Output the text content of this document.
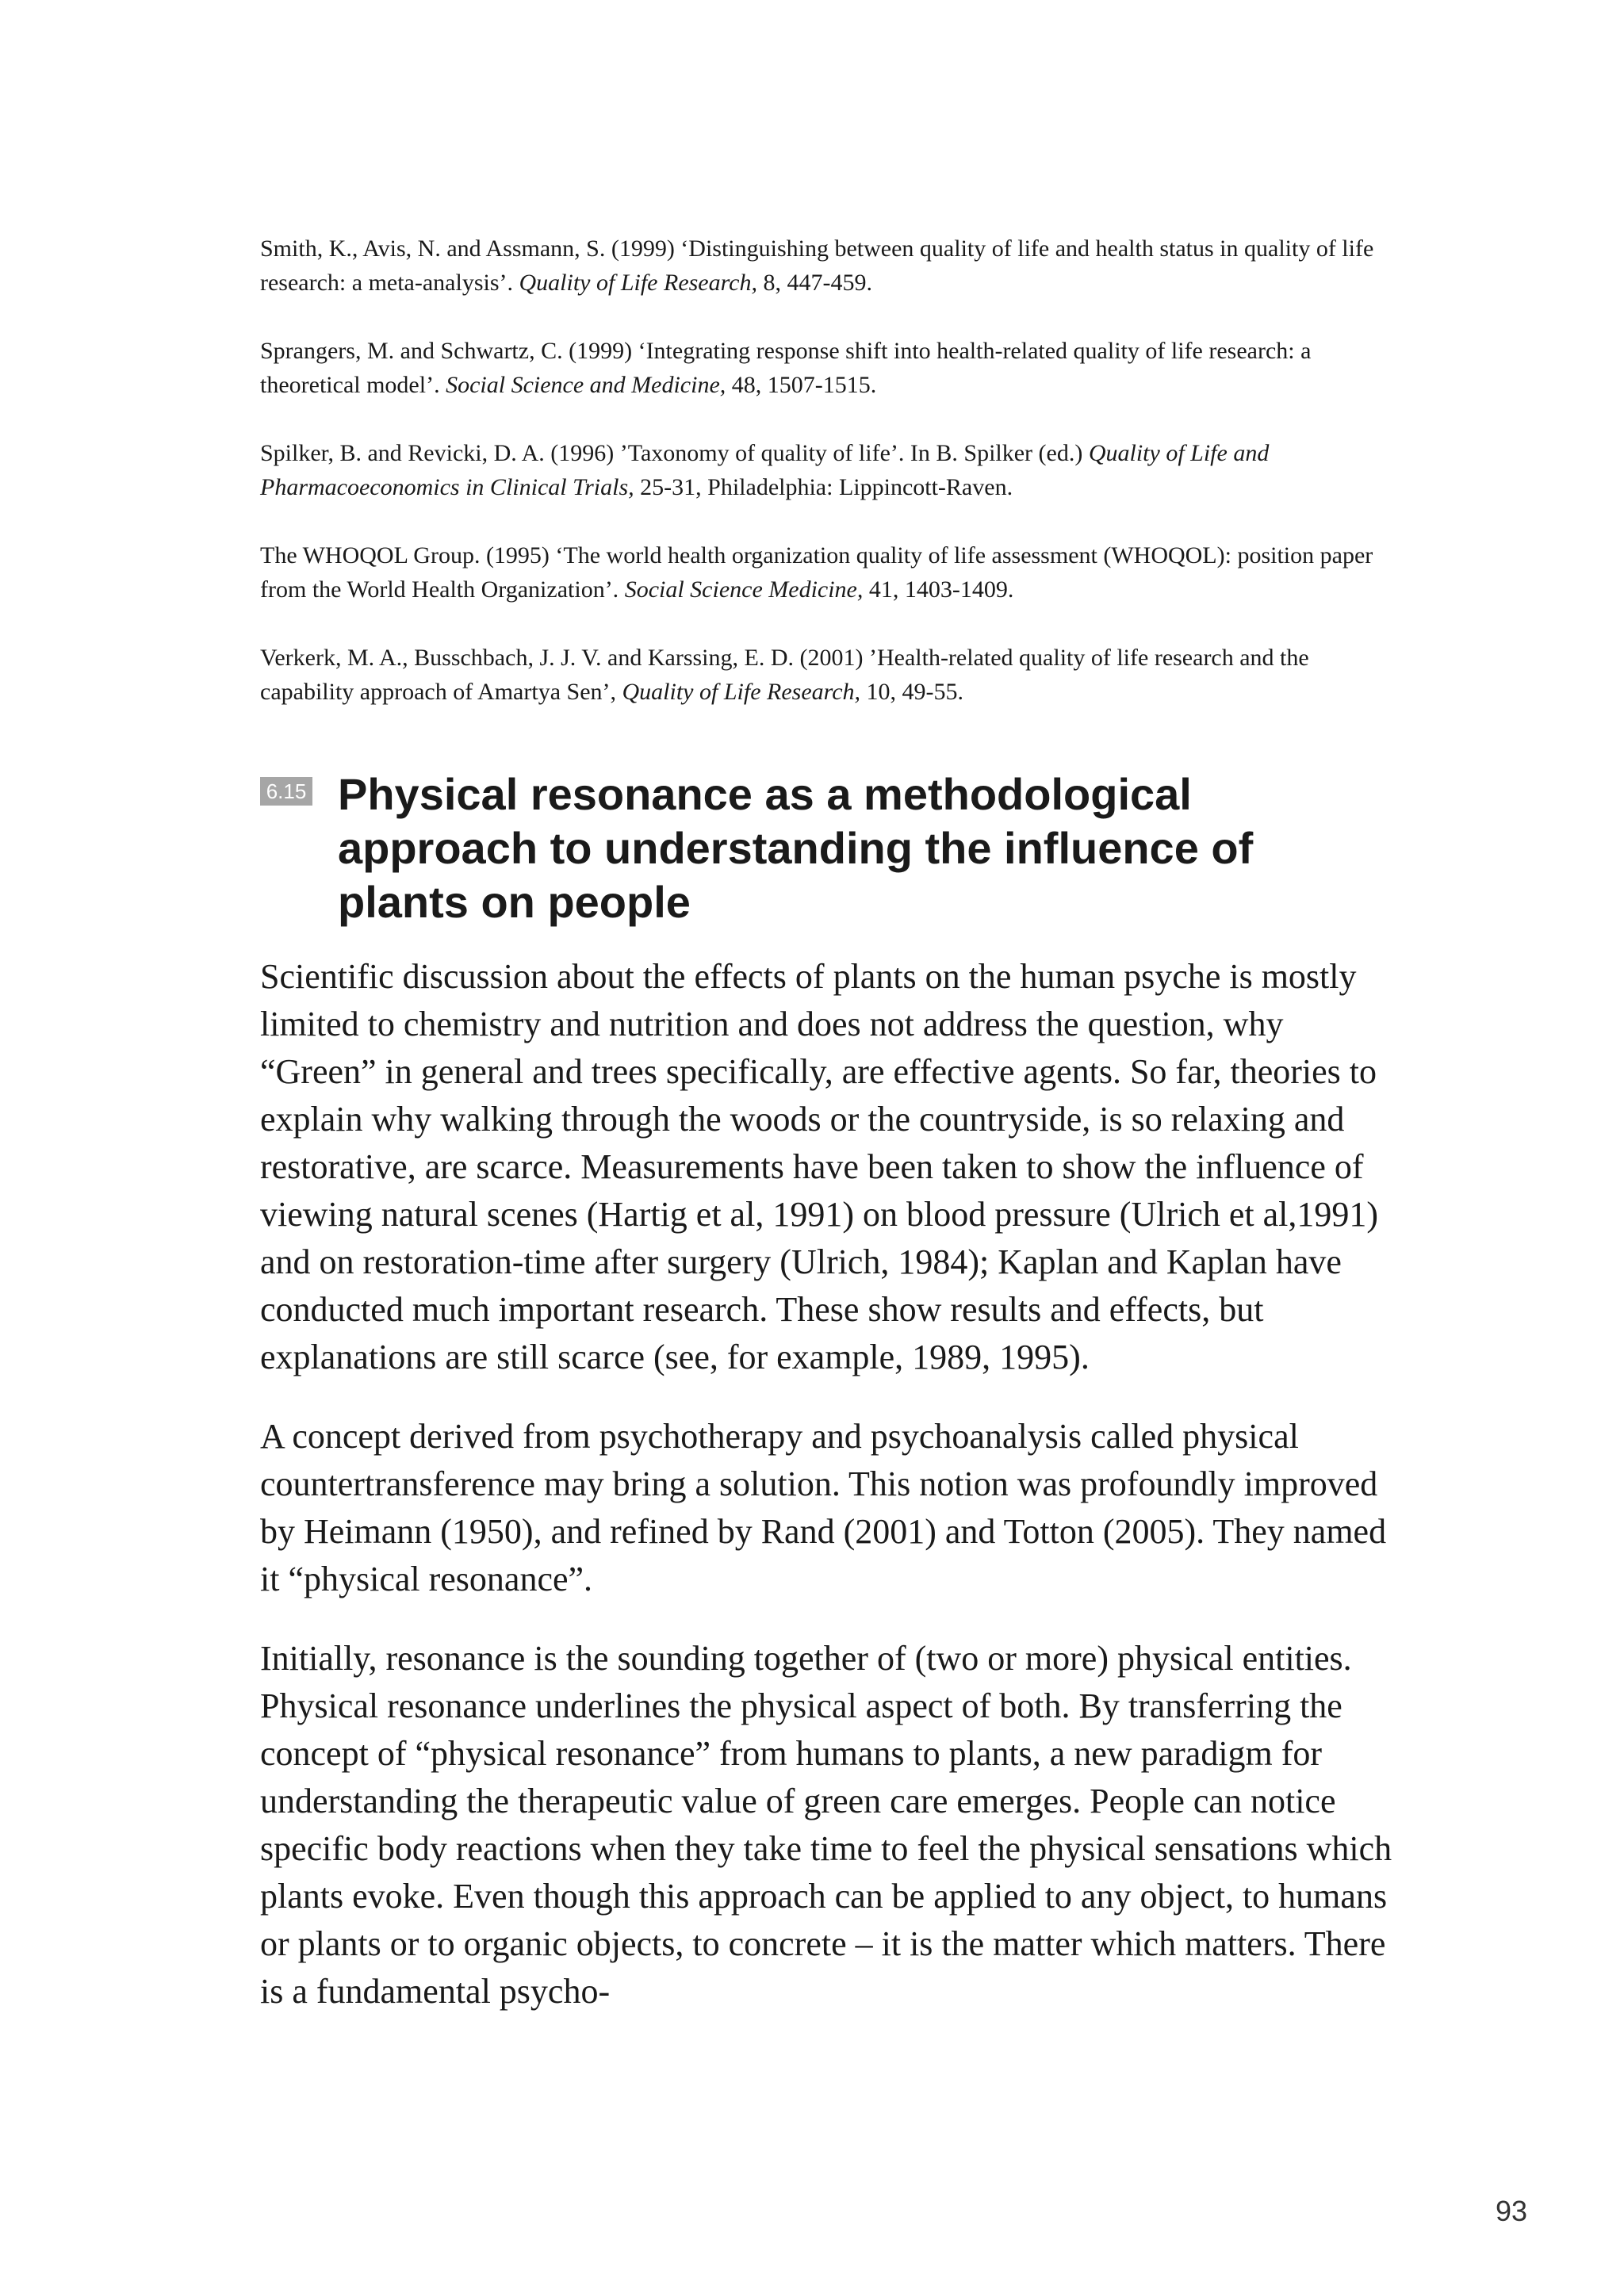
Smith, K., Avis, N. and Assmann, S. (1999) ‘Distinguishing between quality of life and health status in quality of life research: a meta-analysis’. Quality of Life Research, 8, 447-459.

Sprangers, M. and Schwartz, C. (1999) ‘Integrating response shift into health-related quality of life research: a theoretical model’. Social Science and Medicine, 48, 1507-1515.

Spilker, B. and Revicki, D. A. (1996) ’Taxonomy of quality of life’. In B. Spilker (ed.) Quality of Life and Pharmacoeconomics in Clinical Trials, 25-31, Philadelphia: Lippincott-Raven.

The WHOQOL Group. (1995) ‘The world health organization quality of life assessment (WHOQOL): position paper from the World Health Organization’. Social Science Medicine, 41, 1403-1409.

Verkerk, M. A., Busschbach, J. J. V. and Karssing, E. D. (2001) ’Health-related quality of life research and the capability approach of Amartya Sen’, Quality of Life Research, 10, 49-55.

6.15 Physical resonance as a methodological approach to understanding the influence of plants on people

Scientific discussion about the effects of plants on the human psyche is mostly limited to chemistry and nutrition and does not address the question, why “Green” in general and trees specifically, are effective agents. So far, theories to explain why walking through the woods or the countryside, is so relaxing and restorative, are scarce. Measurements have been taken to show the influence of viewing natural scenes (Hartig et al, 1991) on blood pressure (Ulrich et al,1991) and on restoration-time after surgery (Ulrich, 1984); Kaplan and Kaplan have conducted much important research. These show results and effects, but explanations are still scarce (see, for example, 1989, 1995).

A concept derived from psychotherapy and psychoanalysis called physical countertransference may bring a solution. This notion was profoundly improved by Heimann (1950), and refined by Rand (2001) and Totton (2005). They named it “physical resonance”.

Initially, resonance is the sounding together of (two or more) physical entities. Physical resonance underlines the physical aspect of both. By transferring the concept of “physical resonance” from humans to plants, a new paradigm for understanding the therapeutic value of green care emerges. People can notice specific body reactions when they take time to feel the physical sensations which plants evoke. Even though this approach can be applied to any object, to humans or plants or to organic objects, to concrete – it is the matter which matters. There is a fundamental psycho-

93
